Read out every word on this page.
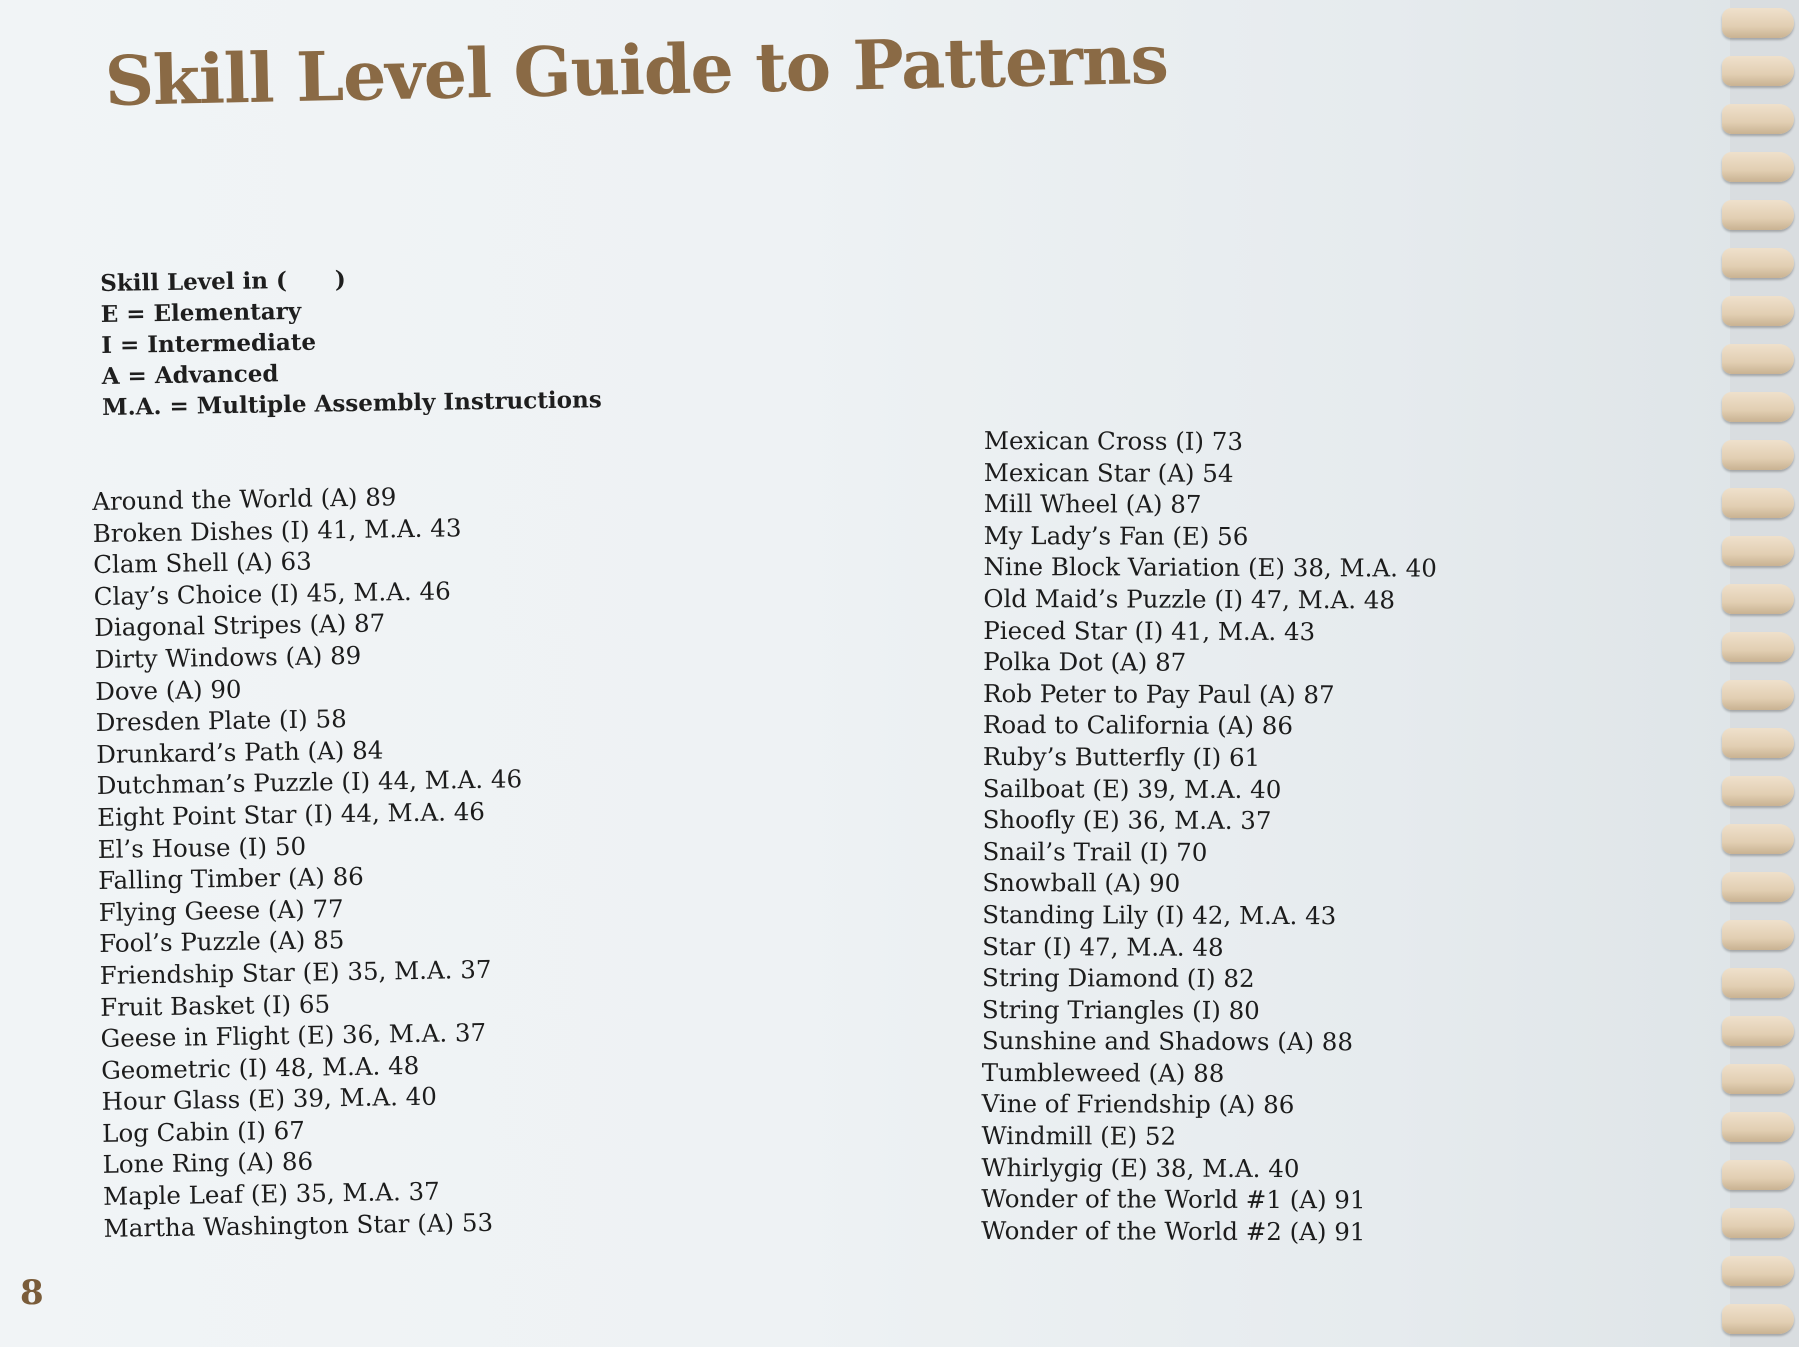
Skill Level Guide to Patterns
Skill Level in (      )
E = Elementary
I = Intermediate
A = Advanced
M.A. = Multiple Assembly Instructions
Around the World (A) 89
Broken Dishes (I) 41, M.A. 43
Clam Shell (A) 63
Clay’s Choice (I) 45, M.A. 46
Diagonal Stripes (A) 87
Dirty Windows (A) 89
Dove (A) 90
Dresden Plate (I) 58
Drunkard’s Path (A) 84
Dutchman’s Puzzle (I) 44, M.A. 46
Eight Point Star (I) 44, M.A. 46
El’s House (I) 50
Falling Timber (A) 86
Flying Geese (A) 77
Fool’s Puzzle (A) 85
Friendship Star (E) 35, M.A. 37
Fruit Basket (I) 65
Geese in Flight (E) 36, M.A. 37
Geometric (I) 48, M.A. 48
Hour Glass (E) 39, M.A. 40
Log Cabin (I) 67
Lone Ring (A) 86
Maple Leaf (E) 35, M.A. 37
Martha Washington Star (A) 53
Mexican Cross (I) 73
Mexican Star (A) 54
Mill Wheel (A) 87
My Lady’s Fan (E) 56
Nine Block Variation (E) 38, M.A. 40
Old Maid’s Puzzle (I) 47, M.A. 48
Pieced Star (I) 41, M.A. 43
Polka Dot (A) 87
Rob Peter to Pay Paul (A) 87
Road to California (A) 86
Ruby’s Butterfly (I) 61
Sailboat (E) 39, M.A. 40
Shoofly (E) 36, M.A. 37
Snail’s Trail (I) 70
Snowball (A) 90
Standing Lily (I) 42, M.A. 43
Star (I) 47, M.A. 48
String Diamond (I) 82
String Triangles (I) 80
Sunshine and Shadows (A) 88
Tumbleweed (A) 88
Vine of Friendship (A) 86
Windmill (E) 52
Whirlygig (E) 38, M.A. 40
Wonder of the World #1 (A) 91
Wonder of the World #2 (A) 91
8
